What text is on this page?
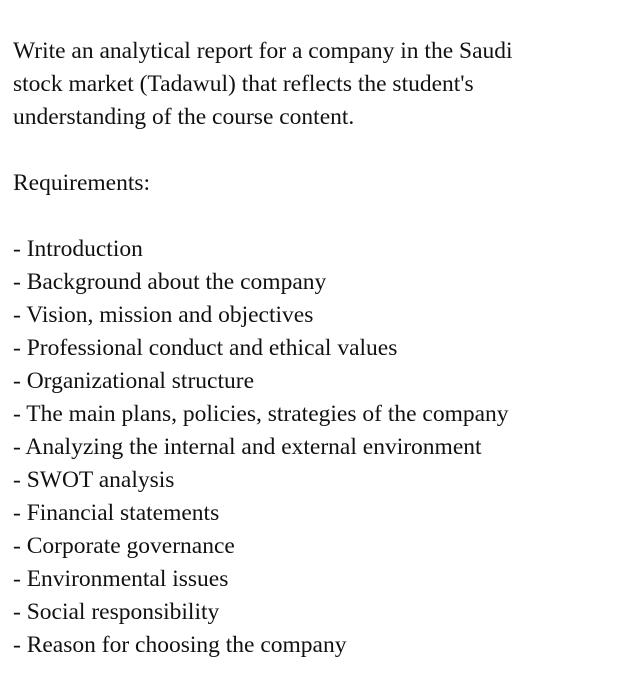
Write an analytical report for a company in the Saudi

stock market (Tadawul) that reflects the student's

understanding of the course content.

Requirements:

- Introduction
- Background about the company
- Vision, mission and objectives
- Professional conduct and ethical values
- Organizational structure
- The main plans, policies, strategies of the company
- Analyzing the internal and external environment
- SWOT analysis
- Financial statements
- Corporate governance
- Environmental issues
- Social responsibility
- Reason for choosing the company
